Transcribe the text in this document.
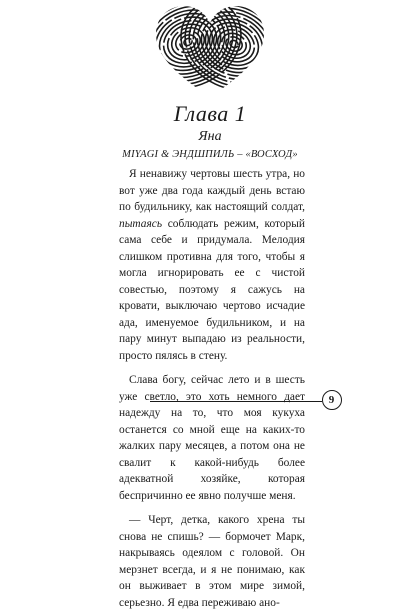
Глава 1
Яна
MIYAGI & ЭНДШПИЛЬ – «ВОСХОД»

Я ненавижу чертовы шесть утра, но вот уже два года каждый день встаю по будильнику, как настоящий солдат, пытаясь соблюдать режим, который сама себе и придумала. Мелодия слишком противна для того, чтобы я могла игнорировать ее с чистой совестью, поэтому я сажусь на кровати, выключаю чертово исчадие ада, именуемое будильником, и на пару минут выпадаю из реальности, просто пялясь в стену.

Слава богу, сейчас лето и в шесть уже светло, это хоть немного дает надежду на то, что моя кукуха останется со мной еще на каких-то жалких пару месяцев, а потом она не свалит к какой-нибудь более адекватной хозяйке, которая беспричинно ее явно получше меня.

— Черт, детка, какого хрена ты снова не спишь? — бормочет Марк, накрываясь одеялом с головой. Он мерзнет всегда, и я не понимаю, как он выживает в этом мире зимой, серьезно. Я едва переживаю ано-

9
